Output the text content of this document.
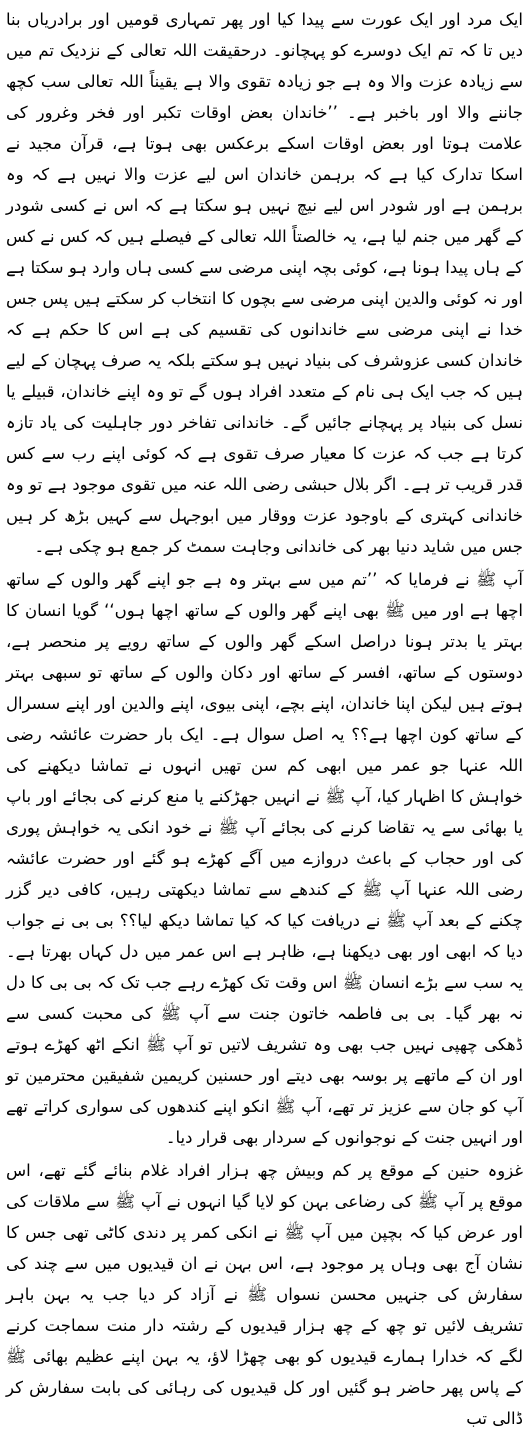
ایک مرد اور ایک عورت سے پیدا کیا اور پھر تمہاری قومیں اور برادریاں بنا دیں تا کہ تم ایک دوسرے کو پہچانو۔ درحقیقت اللہ تعالی کے نزدیک تم میں سے زیادہ عزت والا وہ ہے جو زیادہ تقوی والا ہے یقیناً اللہ تعالی سب کچھ جاننے والا اور باخبر ہے۔ ’’خاندان بعض اوقات تکبر اور فخر وغرور کی علامت ہوتا اور بعض اوقات اسکے برعکس بھی ہوتا ہے، قرآن مجید نے اسکا تدارک کیا ہے کہ برہمن خاندان اس لیے عزت والا نہیں ہے کہ وہ برہمن ہے اور شودر اس لیے نیچ نہیں ہو سکتا ہے کہ اس نے کسی شودر کے گھر میں جنم لیا ہے، یہ خالصتاً اللہ تعالی کے فیصلے ہیں کہ کس نے کس کے ہاں پیدا ہونا ہے، کوئی بچہ اپنی مرضی سے کسی ہاں وارد ہو سکتا ہے اور نہ کوئی والدین اپنی مرضی سے بچوں کا انتخاب کر سکتے ہیں پس جس خدا نے اپنی مرضی سے خاندانوں کی تقسیم کی ہے اس کا حکم ہے کہ خاندان کسی عزوشرف کی بنیاد نہیں ہو سکتے بلکہ یہ صرف پہچان کے لیے ہیں کہ جب ایک ہی نام کے متعدد افراد ہوں گے تو وہ اپنے خاندان، قبیلے یا نسل کی بنیاد پر پہچانے جائیں گے۔ خاندانی تفاخر دور جاہلیت کی یاد تازہ کرتا ہے جب کہ عزت کا معیار صرف تقوی ہے کہ کوئی اپنے رب سے کس قدر قریب تر ہے۔ اگر بلال حبشی رضی اللہ عنہ میں تقوی موجود ہے تو وہ خاندانی کہتری کے باوجود عزت ووقار میں ابوجہل سے کہیں بڑھ کر ہیں جس میں شاید دنیا بھر کی خاندانی وجاہت سمٹ کر جمع ہو چکی ہے۔

آپ ﷺ نے فرمایا کہ ’’تم میں سے بہتر وہ ہے جو اپنے گھر والوں کے ساتھ اچھا ہے اور میں ﷺ بھی اپنے گھر والوں کے ساتھ اچھا ہوں‘‘ گویا انسان کا بہتر یا بدتر ہونا دراصل اسکے گھر والوں کے ساتھ رویے پر منحصر ہے، دوستوں کے ساتھ، افسر کے ساتھ اور دکان والوں کے ساتھ تو سبھی بہتر ہوتے ہیں لیکن اپنا خاندان، اپنے بچے، اپنی بیوی، اپنے والدین اور اپنے سسرال کے ساتھ کون اچھا ہے؟؟ یہ اصل سوال ہے۔ ایک بار حضرت عائشہ رضی اللہ عنہا جو عمر میں ابھی کم سن تھیں انہوں نے تماشا دیکھنے کی خواہش کا اظہار کیا، آپ ﷺ نے انہیں جھڑکنے یا منع کرنے کی بجائے اور باپ یا بھائی سے یہ تقاضا کرنے کی بجائے آپ ﷺ نے خود انکی یہ خواہش پوری کی اور حجاب کے باعث دروازے میں آگے کھڑے ہو گئے اور حضرت عائشہ رضی اللہ عنہا آپ ﷺ کے کندھے سے تماشا دیکھتی رہیں، کافی دیر گزر چکنے کے بعد آپ ﷺ نے دریافت کیا کہ کیا تماشا دیکھ لیا؟؟ بی بی نے جواب دیا کہ ابھی اور بھی دیکھنا ہے، ظاہر ہے اس عمر میں دل کہاں بھرتا ہے۔ یہ سب سے بڑے انسان ﷺ اس وقت تک کھڑے رہے جب تک کہ بی بی کا دل نہ بھر گیا۔ بی بی فاطمہ خاتون جنت سے آپ ﷺ کی محبت کسی سے ڈھکی چھپی نہیں جب بھی وہ تشریف لاتیں تو آپ ﷺ انکے اٹھ کھڑے ہوتے اور ان کے ماتھے پر بوسہ بھی دیتے اور حسنین کریمین شفیقین محترمین تو آپ کو جان سے عزیز تر تھے، آپ ﷺ انکو اپنے کندھوں کی سواری کراتے تھے اور انہیں جنت کے نوجوانوں کے سردار بھی قرار دیا۔

غزوہ حنین کے موقع پر کم وبیش چھ ہزار افراد غلام بنائے گئے تھے، اس موقع پر آپ ﷺ کی رضاعی بہن کو لایا گیا انہوں نے آپ ﷺ سے ملاقات کی اور عرض کیا کہ بچپن میں آپ ﷺ نے انکی کمر پر دندی کاٹی تھی جس کا نشان آج بھی وہاں پر موجود ہے، اس بہن نے ان قیدیوں میں سے چند کی سفارش کی جنہیں محسن نسواں ﷺ نے آزاد کر دیا جب یہ بہن باہر تشریف لائیں تو چھ کے چھ ہزار قیدیوں کے رشتہ دار منت سماجت کرنے لگے کہ خدارا ہمارے قیدیوں کو بھی چھڑا لاؤ، یہ بہن اپنے عظیم بھائی ﷺ کے پاس پھر حاضر ہو گئیں اور کل قیدیوں کی رہائی کی بابت سفارش کر ڈالی تب
